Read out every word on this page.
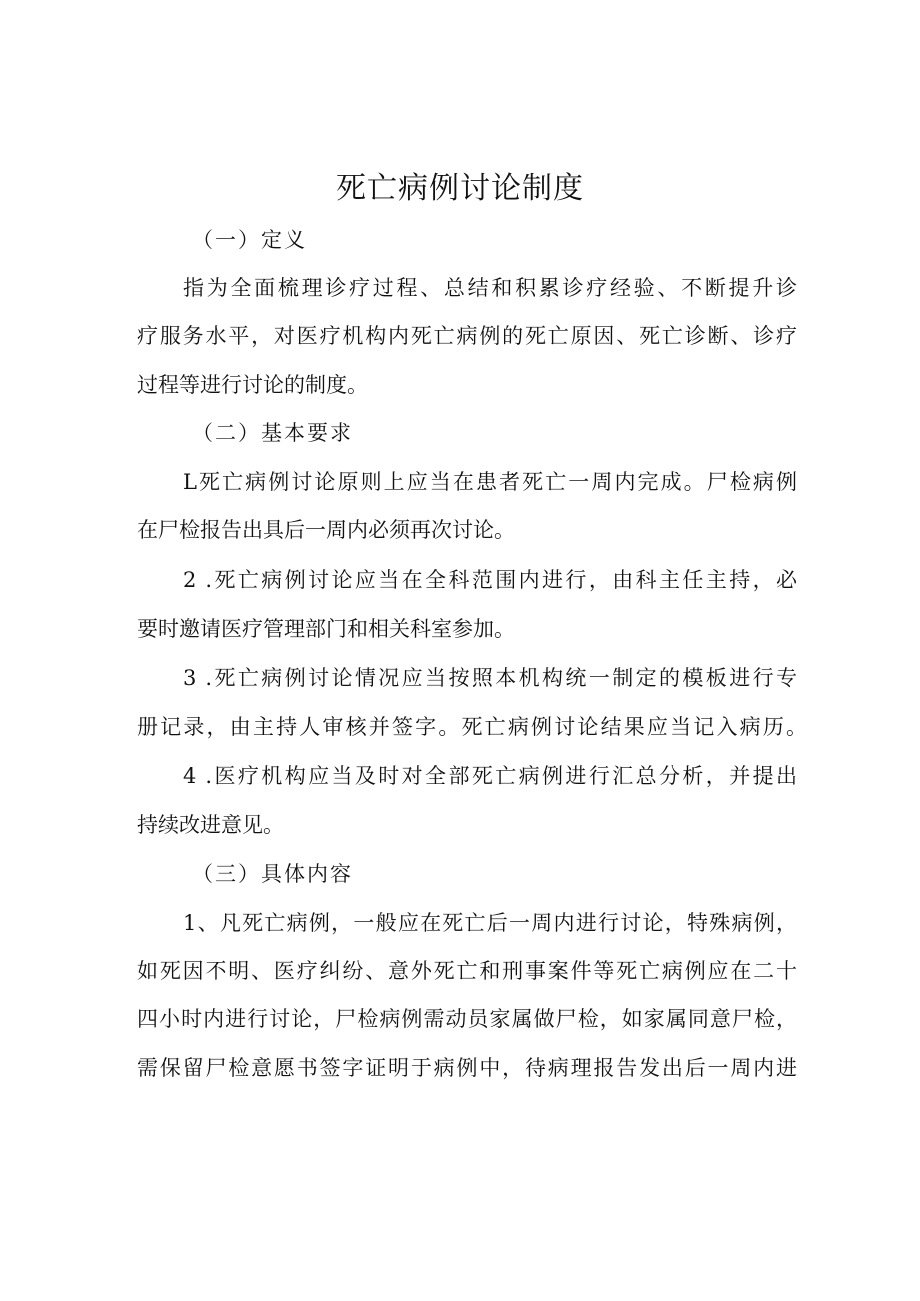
死亡病例讨论制度
（一）定义
指为全面梳理诊疗过程、总结和积累诊疗经验、不断提升诊
疗服务水平，对医疗机构内死亡病例的死亡原因、死亡诊断、诊疗
过程等进行讨论的制度。
（二）基本要求
L死亡病例讨论原则上应当在患者死亡一周内完成。尸检病例
在尸检报告出具后一周内必须再次讨论。
2 .死亡病例讨论应当在全科范围内进行，由科主任主持，必
要时邀请医疗管理部门和相关科室参加。
3 .死亡病例讨论情况应当按照本机构统一制定的模板进行专
册记录，由主持人审核并签字。死亡病例讨论结果应当记入病历。
4 .医疗机构应当及时对全部死亡病例进行汇总分析，并提出
持续改进意见。
（三）具体内容
1、凡死亡病例，一般应在死亡后一周内进行讨论，特殊病例，
如死因不明、医疗纠纷、意外死亡和刑事案件等死亡病例应在二十
四小时内进行讨论，尸检病例需动员家属做尸检，如家属同意尸检，
需保留尸检意愿书签字证明于病例中，待病理报告发出后一周内进
